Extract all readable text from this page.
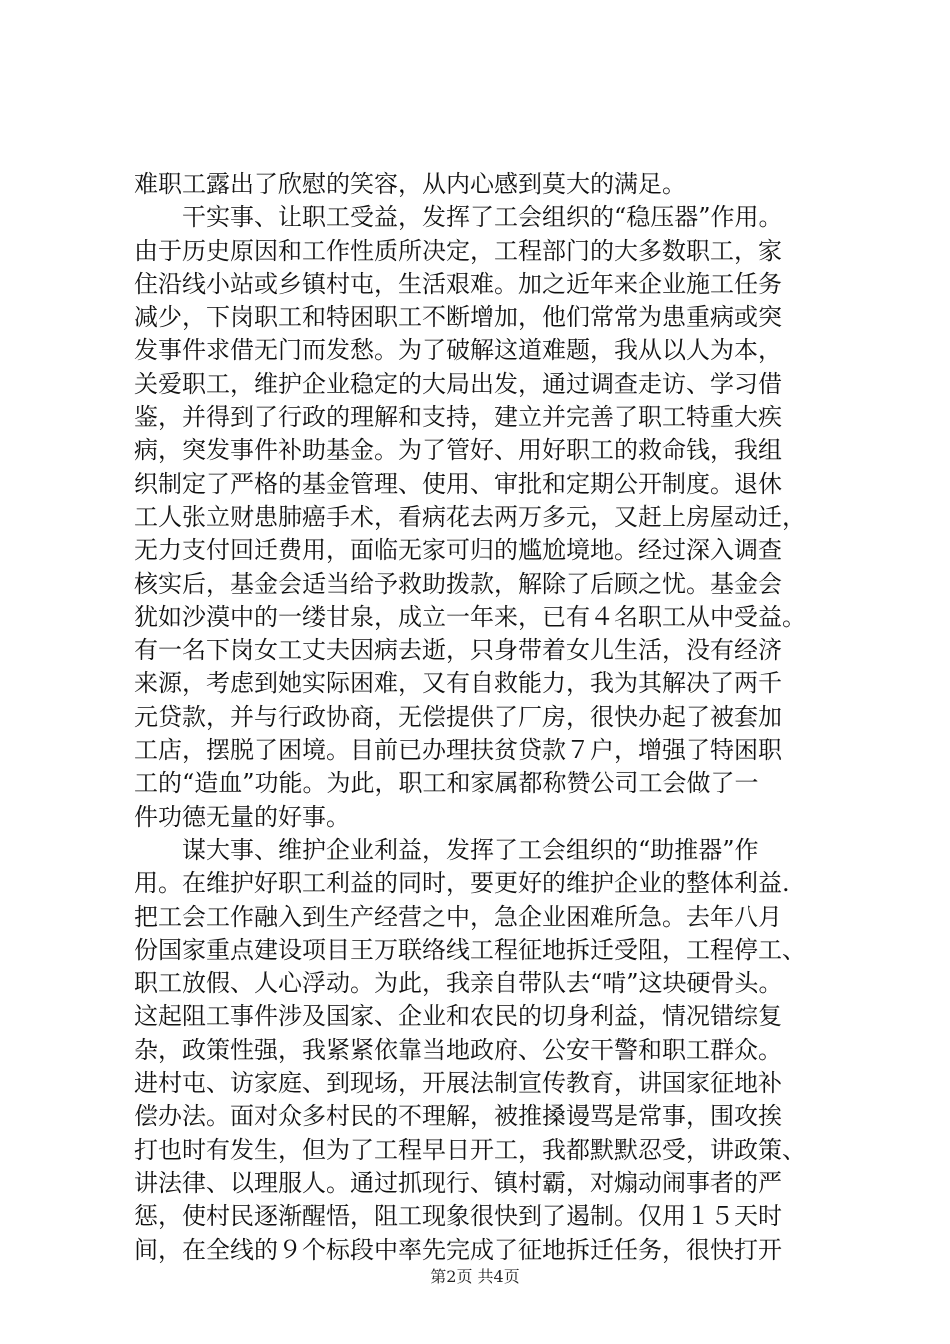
难职工露出了欣慰的笑容，从内心感到莫大的满足。
　　干实事、让职工受益，发挥了工会组织的“稳压器”作用。
由于历史原因和工作性质所决定，工程部门的大多数职工，家
住沿线小站或乡镇村屯，生活艰难。加之近年来企业施工任务
减少，下岗职工和特困职工不断增加，他们常常为患重病或突
发事件求借无门而发愁。为了破解这道难题，我从以人为本，
关爱职工，维护企业稳定的大局出发，通过调查走访、学习借
鉴，并得到了行政的理解和支持，建立并完善了职工特重大疾
病，突发事件补助基金。为了管好、用好职工的救命钱，我组
织制定了严格的基金管理、使用、审批和定期公开制度。退休
工人张立财患肺癌手术，看病花去两万多元，又赶上房屋动迁，
无力支付回迁费用，面临无家可归的尴尬境地。经过深入调查
核实后，基金会适当给予救助拨款，解除了后顾之忧。基金会
犹如沙漠中的一缕甘泉，成立一年来，已有４名职工从中受益。
有一名下岗女工丈夫因病去逝，只身带着女儿生活，没有经济
来源，考虑到她实际困难，又有自救能力，我为其解决了两千
元贷款，并与行政协商，无偿提供了厂房，很快办起了被套加
工店，摆脱了困境。目前已办理扶贫贷款７户，增强了特困职
工的“造血”功能。为此，职工和家属都称赞公司工会做了一
件功德无量的好事。
　　谋大事、维护企业利益，发挥了工会组织的“助推器”作
用。在维护好职工利益的同时，要更好的维护企业的整体利益.
把工会工作融入到生产经营之中，急企业困难所急。去年八月
份国家重点建设项目王万联络线工程征地拆迁受阻，工程停工、
职工放假、人心浮动。为此，我亲自带队去“啃”这块硬骨头。
这起阻工事件涉及国家、企业和农民的切身利益，情况错综复
杂，政策性强，我紧紧依靠当地政府、公安干警和职工群众。
进村屯、访家庭、到现场，开展法制宣传教育，讲国家征地补
偿办法。面对众多村民的不理解，被推搡谩骂是常事，围攻挨
打也时有发生，但为了工程早日开工，我都默默忍受，讲政策、
讲法律、以理服人。通过抓现行、镇村霸，对煽动闹事者的严
惩，使村民逐渐醒悟，阻工现象很快到了遏制。仅用１５天时
间，在全线的９个标段中率先完成了征地拆迁任务，很快打开
第2页 共4页
